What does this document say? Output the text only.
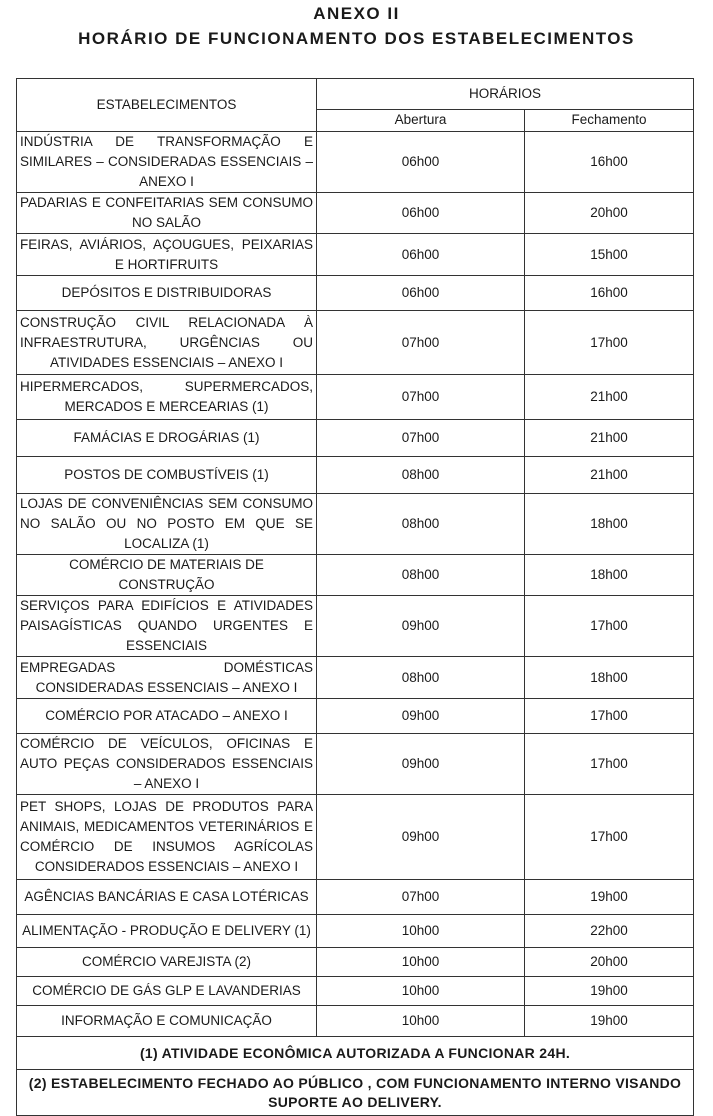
ANEXO II
HORÁRIO DE FUNCIONAMENTO DOS ESTABELECIMENTOS
ESTABELECIMENTOS	HORÁRIOS	
	Abertura	Fechamento
INDÚSTRIA DE TRANSFORMAÇÃO E SIMILARES – CONSIDERADAS ESSENCIAIS – ANEXO I	06h00	16h00
PADARIAS E CONFEITARIAS SEM CONSUMO NO SALÃO	06h00	20h00
FEIRAS, AVIÁRIOS, AÇOUGUES, PEIXARIAS E HORTIFRUITS	06h00	15h00
DEPÓSITOS E DISTRIBUIDORAS	06h00	16h00
CONSTRUÇÃO CIVIL RELACIONADA À INFRAESTRUTURA, URGÊNCIAS OU ATIVIDADES ESSENCIAIS – ANEXO I	07h00	17h00
HIPERMERCADOS, SUPERMERCADOS, MERCADOS E MERCEARIAS (1)	07h00	21h00
FAMÁCIAS E DROGÁRIAS (1)	07h00	21h00
POSTOS DE COMBUSTÍVEIS (1)	08h00	21h00
LOJAS DE CONVENIÊNCIAS SEM CONSUMO NO SALÃO OU NO POSTO EM QUE SE LOCALIZA (1)	08h00	18h00
COMÉRCIO DE MATERIAIS DE CONSTRUÇÃO	08h00	18h00
SERVIÇOS PARA EDIFÍCIOS E ATIVIDADES PAISAGÍSTICAS QUANDO URGENTES E ESSENCIAIS	09h00	17h00
EMPREGADAS DOMÉSTICAS CONSIDERADAS ESSENCIAIS – ANEXO I	08h00	18h00
COMÉRCIO POR ATACADO – ANEXO I	09h00	17h00
COMÉRCIO DE VEÍCULOS, OFICINAS E AUTO PEÇAS CONSIDERADOS ESSENCIAIS – ANEXO I	09h00	17h00
PET SHOPS, LOJAS DE PRODUTOS PARA ANIMAIS, MEDICAMENTOS VETERINÁRIOS E COMÉRCIO DE INSUMOS AGRÍCOLAS CONSIDERADOS ESSENCIAIS – ANEXO I	09h00	17h00
AGÊNCIAS BANCÁRIAS E CASA LOTÉRICAS	07h00	19h00
ALIMENTAÇÃO - PRODUÇÃO E DELIVERY (1)	10h00	22h00
COMÉRCIO VAREJISTA (2)	10h00	20h00
COMÉRCIO DE GÁS GLP E LAVANDERIAS	10h00	19h00
INFORMAÇÃO E COMUNICAÇÃO	10h00	19h00
(1) ATIVIDADE ECONÔMICA AUTORIZADA A FUNCIONAR 24H.		
(2) ESTABELECIMENTO FECHADO AO PÚBLICO , COM FUNCIONAMENTO INTERNO VISANDO SUPORTE AO DELIVERY.		
